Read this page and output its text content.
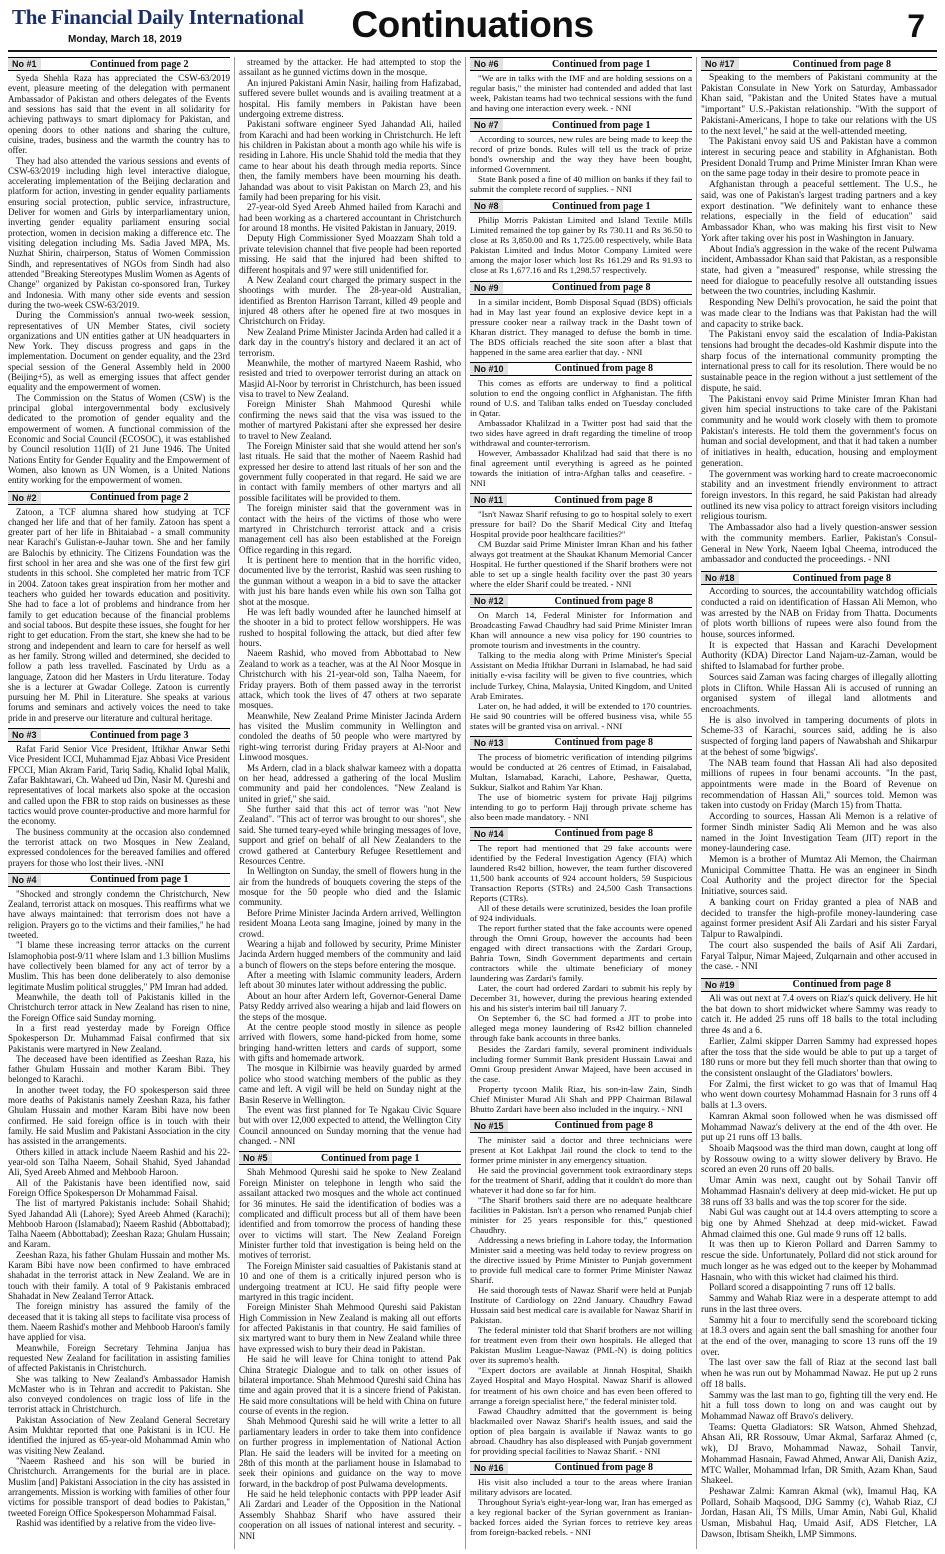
The Financial Daily International
Monday, March 18, 2019	Continuations	7
No #1	Continued from page 2

Syeda Shehla Raza has appreciated the CSW-63/2019 event, pleasure meeting of the delegation with permanent Ambassador of Pakistan and others delegates of the Events and sessions has said that the event in all solidarity for achieving pathways to smart diplomacy for Pakistan, and opening doors to other nations and sharing the culture, cuisine, trades, business and the warmth the country has to offer.

They had also attended the various sessions and events of CSW-63/2019 including high level interactive dialogue, accelerating implementation of the Beijing declaration and platform for action, investing in gender equality parliaments ensuring social protection, public service, infrastructure, Deliver for women and Girls by interparliamentary union, inverting gender equality parliament ensuring social protection, women in decision making a difference etc. The visiting delegation including Ms. Sadia Javed MPA, Ms. Nuzhat Shirin, chairperson, Status of Women Commission Sindh, and representatives of NGOs from Sindh had also attended "Breaking Stereotypes Muslim Women as Agents of Change" organized by Pakistan co-sponsored Iran, Turkey and Indonesia. With many other side events and session during the two-week CSW-63/2019.

During the Commission's annual two-week session, representatives of UN Member States, civil society organizations and UN entities gather at UN headquarters in New York. They discuss progress and gaps in the implementation. Document on gender equality, and the 23rd special session of the General Assembly held in 2000 (Beijing+5), as well as emerging issues that affect gender equality and the empowerment of women.

The Commission on the Status of Women (CSW) is the principal global intergovernmental body exclusively dedicated to the promotion of gender equality and the empowerment of women. A functional commission of the Economic and Social Council (ECOSOC), it was established by Council resolution 11(II) of 21 June 1946. The United Nations Entity for Gender Equality and the Empowerment of Women, also known as UN Women, is a United Nations entity working for the empowerment of women.

No #2	Continued from page 2

Zatoon, a TCF alumna shared how studying at TCF changed her life and that of her family. Zatoon has spent a greater part of her life in Bhitaiabad - a small community near Karachi's Gulistan-e-Jauhar town. She and her family are Balochis by ethnicity. The Citizens Foundation was the first school in her area and she was one of the first few girl students in this school. She completed her matric from TCF in 2004. Zatoon takes great inspiration from her mother and teachers who guided her towards education and positivity. She had to face a lot of problems and hindrance from her family to get education because of the financial problems and social taboos. But despite these issues, she fought for her right to get education. From the start, she knew she had to be strong and independent and learn to care for herself as well as her family. Strong willed and determined, she decided to follow a path less travelled. Fascinated by Urdu as a language, Zatoon did her Masters in Urdu literature. Today she is a lecturer at Gwadar College. Zatoon is currently pursuing her M. Phil in Literature. She speaks at various forums and seminars and actively voices the need to take pride in and preserve our literature and cultural heritage.

No #3	Continued from page 3

Rafat Farid Senior Vice President, Iftikhar Anwar Sethi Vice President ICCI, Muhammad Ejaz Abbasi Vice President FPCCI, Mian Akram Farid, Tariq Sadiq, Khalid Iqbal Malik, Zafar Bakhtawari, Ch. Waheed ud Din, Nasir M. Qureshi and representatives of local markets also spoke at the occasion and called upon the FBR to stop raids on businesses as these tactics would prove counter-productive and more harmful for the economy.

The business community at the occasion also condemned the terrorist attack on two Mosques in New Zealand, expressed condolences for the bereaved families and offered prayers for those who lost their lives. -NNI

No #4	Continued from page 1

"Shocked and strongly condemn the Christchurch, New Zealand, terrorist attack on mosques. This reaffirms what we have always maintained: that terrorism does not have a religion. Prayers go to the victims and their families," he had tweeted.

"I blame these increasing terror attacks on the current Islamophobia post-9/11 where Islam and 1.3 billion Muslims have collectively been blamed for any act of terror by a Muslim. This has been done deliberately to also demonise legitimate Muslim political struggles," PM Imran had added.

Meanwhile, the death toll of Pakistanis killed in the Christchurch terror attack in New Zealand has risen to nine, the Foreign Office said Sunday morning.

In a first read yesterday made by Foreign Office Spokesperson Dr. Muhammad Faisal confirmed that six Pakistanis were martyred in New Zealand.

The deceased have been identified as Zeeshan Raza, his father Ghulam Hussain and mother Karam Bibi. They belonged to Karachi.

In another tweet today, the FO spokesperson said three more deaths of Pakistanis namely Zeeshan Raza, his father Ghulam Hussain and mother Karam Bibi have now been confirmed. He said foreign office is in touch with their family. He said Muslim and Pakistani Association in the city has assisted in the arrangements.

Others killed in attack include Naeem Rashid and his 22-year-old son Talha Naeem, Sohail Shahid, Syed Jahandad Ali, Syed Areeb Ahmed and Mehboob Haroon.

All of the Pakistanis have been identified now, said Foreign Office Spokesperson Dr Mohammad Faisal.

The list of martyred Pakistanis include: Sohail Shahid; Syed Jahandad Ali (Lahore); Syed Areeb Ahmed (Karachi); Mehboob Haroon (Islamabad); Naeem Rashid (Abbottabad); Talha Naeem (Abbottabad); Zeeshan Raza; Ghulam Hussain; and Karam.

Zeeshan Raza, his father Ghulam Hussain and mother Ms. Karam Bibi have now been confirmed to have embraced shahadat in the terrorist attack in New Zealand. We are in touch with their family. A total of 9 Pakistanis embraced Shahadat in New Zealand Terror Attack.

The foreign ministry has assured the family of the deceased that it is taking all steps to facilitate visa process of them. Naeem Rashid's mother and Mehboob Haroon's family have applied for visa.

Meanwhile, Foreign Secretary Tehmina Janjua has requested New Zealand for facilitation in assisting families of affected Pakistanis in Christchurch.

She was talking to New Zealand's Ambassador Hamish McMaster who is in Tehran and accredit to Pakistan. She also conveyed condolences on tragic loss of life in the terrorist attack in Christchurch.

Pakistan Association of New Zealand General Secretary Asim Mukhtar reported that one Pakistani is in ICU. He identified the injured as 65-year-old Mohammad Amin who was visiting New Zealand.

"Naeem Rasheed and his son will be buried in Christchurch. Arrangements for the burial are in place. Muslim [and] Pakistani Association in the city has assisted in arrangements. Mission is working with families of other four victims for possible transport of dead bodies to Pakistan," tweeted Foreign Office Spokesperson Mohammad Faisal.

Rashid was identified by a relative from the video live-

streamed by the attacker. He had attempted to stop the assailant as he gunned victims down in the mosque.

An injured Pakistani Amin Nasir, hailing from Hafizabad, suffered severe bullet wounds and is availing treatment at a hospital. His family members in Pakistan have been undergoing extreme distress.

Pakistani software engineer Syed Jahandad Ali, hailed from Karachi and had been working in Christchurch. He left his children in Pakistan about a month ago while his wife is residing in Lahore. His uncle Shahid told the media that they came to hear about his death through media reports. Since then, the family members have been mourning his death. Jahandad was about to visit Pakistan on March 23, and his family had been preparing for his visit.

27-year-old Syed Areeb Ahmed hailed from Karachi and had been working as a chartered accountant in Christchurch for around 18 months. He visited Pakistan in January, 2019.

Deputy High Commissioner Syed Moazzam Shah told a private television channel that five people had been reported missing. He said that the injured had been shifted to different hospitals and 97 were still unidentified for.

A New Zealand court charged the primary suspect in the shootings with murder. The 28-year-old Australian, identified as Brenton Harrison Tarrant, killed 49 people and injured 48 others after he opened fire at two mosques in Christchurch on Friday.

New Zealand Prime Minister Jacinda Arden had called it a dark day in the country's history and declared it an act of terrorism.

Meanwhile, the mother of martyred Naeem Rashid, who resisted and tried to overpower terrorist during an attack on Masjid Al-Noor by terrorist in Christchurch, has been issued visa to travel to New Zealand.

Foreign Minister Shah Mahmood Qureshi while confirming the news said that the visa was issued to the mother of martyred Pakistani after she expressed her desire to travel to New Zealand.

The Foreign Minister said that she would attend her son's last rituals. He said that the mother of Naeem Rashid had expressed her desire to attend last rituals of her son and the government fully cooperated in that regard. He said we are in contact with family members of other martyrs and all possible facilitates will be provided to them.

The foreign minister said that the government was in contact with the heirs of the victims of those who were martyred in Christchurch terrorist attack and a crisis management cell has also been established at the Foreign Office regarding in this regard.

It is pertinent here to mention that in the horrific video, documented live by the terrorist, Rashid was seen rushing to the gunman without a weapon in a bid to save the attacker with just his bare hands even while his own son Talha got shot at the mosque.

He was left badly wounded after he launched himself at the shooter in a bid to protect fellow worshippers. He was rushed to hospital following the attack, but died after few hours.

Naeem Rashid, who moved from Abbottabad to New Zealand to work as a teacher, was at the Al Noor Mosque in Christchurch with his 21-year-old son, Talha Naeem, for Friday prayers. Both of them passed away in the terrorist attack, which took the lives of 47 others at two separate mosques.

Meanwhile, New Zealand Prime Minister Jacinda Ardern has visited the Muslim community in Wellington and condoled the deaths of 50 people who were martyred by right-wing terrorist during Friday prayers at Al-Noor and Linwood mosques.

Ms Ardern, clad in a black shalwar kameez with a dopatta on her head, addressed a gathering of the local Muslim community and paid her condolences. "New Zealand is united in grief," she said.

She further said that this act of terror was "not New Zealand". "This act of terror was brought to our shores", she said. She turned teary-eyed while bringing messages of love, support and grief on behalf of all New Zealanders to the crowd gathered at Canterbury Refugee Resettlement and Resources Centre.

In Wellington on Sunday, the smell of flowers hung in the air from the hundreds of bouquets covering the steps of the mosque for the 50 people who died and the Islamic community.

Before Prime Minister Jacinda Ardern arrived, Wellington resident Moana Leota sang Imagine, joined by many in the crowd.

Wearing a hijab and followed by security, Prime Minister Jacinda Ardern hugged members of the community and laid a bunch of flowers on the steps before entering the mosque.

After a meeting with Islamic community leaders, Ardern left about 30 minutes later without addressing the public.

About an hour after Ardern left, Governor-General Dame Patsy Reddy arrived also wearing a hijab and laid flowers on the steps of the mosque.

At the centre people stood mostly in silence as people arrived with flowers, some hand-picked from home, some bringing hand-written letters and cards of support, some with gifts and homemade artwork.

The mosque in Kilbirnie was heavily guarded by armed police who stood watching members of the public as they came and left. A vigil will be held on Sunday night at the Basin Reserve in Wellington.

The event was first planned for Te Ngakau Civic Square but with over 12,000 expected to attend, the Wellington City Council announced on Sunday morning that the venue had changed. - NNI

No #5	Continued from page 1

Shah Mehmood Qureshi said he spoke to New Zealand Foreign Minister on telephone in length who said the assailant attacked two mosques and the whole act continued for 36 minutes. He said the identification of bodies was a complicated and difficult process but all of them have been identified and from tomorrow the process of handing these over to victims will start. The New Zealand Foreign Minister further told that investigation is being held on the motives of terrorist.

The Foreign Minister said casualties of Pakistanis stand at 10 and one of them is a critically injured person who is undergoing treatment at ICU. He said fifty people were martyred in this tragic incident.

Foreign Minister Shah Mehmood Qureshi said Pakistan High Commission in New Zealand is making all out efforts for affected Pakistanis in that country. He said families of six martyred want to bury them in New Zealand while three have expressed wish to bury their dead in Pakistan.

He said he will leave for China tonight to attend Pak China Strategic Dialogue and to talk on other issues of bilateral importance. Shah Mehmood Qureshi said China has time and again proved that it is a sincere friend of Pakistan. He said more consultations will be held with China on future course of events in the region.

Shah Mehmood Qureshi said he will write a letter to all parliamentary leaders in order to take them into confidence on further progress in implementation of National Action Plan. He said the leaders will be invited for a meeting on 28th of this month at the parliament house in Islamabad to seek their opinions and guidance on the way to move forward, in the backdrop of post Pulwama developments.

He said he held telephonic contacts with PPP leader Asif Ali Zardari and Leader of the Opposition in the National Assembly Shahbaz Sharif who have assured their cooperation on all issues of national interest and security. - NNI

No #6	Continued from page 1

"We are in talks with the IMF and are holding sessions on a regular basis," the minister had contended and added that last week, Pakistan teams had two technical sessions with the fund and having one interaction every week. - NNI

No #7	Continued from page 1

According to sources, new rules are being made to keep the record of prize bonds. Rules will tell us the track of prize bond's ownership and the way they have been bought, informed Government.

State Bank posed a fine of 40 million on banks if they fail to submit the complete record of supplies. - NNI

No #8	Continued from page 1

Philip Morris Pakistan Limited and Island Textile Mills Limited remained the top gainer by Rs 730.11 and Rs 36.50 to close at Rs 3,850.00 and Rs 1,725.00 respectively, while Bata Pakistan Limited and Indus Motor Company Limited were among the major loser which lost Rs 161.29 and Rs 91.93 to close at Rs 1,677.16 and Rs 1,298.57 respectively.

No #9	Continued from page 8

In a similar incident, Bomb Disposal Squad (BDS) officials had in May last year found an explosive device kept in a pressure cooker near a railway track in the Dasht town of Kharan district. They managed to defuse the bomb in time. The BDS officials reached the site soon after a blast that happened in the same area earlier that day. - NNI

No #10	Continued from page 8

This comes as efforts are underway to find a political solution to end the ongoing conflict in Afghanistan. The fifth round of U.S. and Taliban talks ended on Tuesday concluded in Qatar.

Ambassador Khalilzad in a Twitter post had said that the two sides have agreed in draft regarding the timeline of troop withdrawal and counter-terrorism.

However, Ambassador Khalilzad had said that there is no final agreement until everything is agreed as he pointed towards the initiation of intra-Afghan talks and ceasefire. - NNI

No #11	Continued from page 8

"Isn't Nawaz Sharif refusing to go to hospital solely to exert pressure for bail? Do the Sharif Medical City and Ittefaq Hospital provide poor healthcare facilities?"

CM Buzdar said Prime Minister Imran Khan and his father always got treatment at the Shaukat Khanum Memorial Cancer Hospital. He further questioned if the Sharif brothers were not able to set up a single health facility over the past 30 years where the elder Sharif could be treated. - NNI

No #12	Continued from page 8

On March 14, Federal Minister for Information and Broadcasting Fawad Chaudhry had said Prime Minister Imran Khan will announce a new visa policy for 190 countries to promote tourism and investments in the country.

Talking to the media along with Prime Minister's Special Assistant on Media Iftikhar Durrani in Islamabad, he had said initially e-visa facility will be given to five countries, which include Turkey, China, Malaysia, United Kingdom, and United Arab Emirates.

Later on, he had added, it will be extended to 170 countries. He said 90 countries will be offered business visa, while 55 states will be granted visa on arrival. - NNI

No #13	Continued from page 8

The process of biometric verification of intending pilgrims would be conducted at 26 centres of Etimad, in Faisalabad, Multan, Islamabad, Karachi, Lahore, Peshawar, Quetta, Sukkur, Sialkot and Rahim Yar Khan.

The use of biometric system for private Hajj pilgrims intending to go to perform Hajj through private scheme has also been made mandatory. - NNI

No #14	Continued from page 8

The report had mentioned that 29 fake accounts were identified by the Federal Investigation Agency (FIA) which laundered Rs42 billion, however, the team further discovered 11,500 bank accounts of 924 account holders, 59 Suspicious Transaction Reports (STRs) and 24,500 Cash Transactions Reports (CTRs).

All of these details were scrutinized, besides the loan profile of 924 individuals.

The report further stated that the fake accounts were opened through the Omni Group, however the accounts had been engaged with direct transactions with the Zardari Group, Bahria Town, Sindh Government departments and certain contractors while the ultimate beneficiary of money laundering was Zardari's family.

Later, the court had ordered Zardari to submit his reply by December 31, however, during the previous hearing extended his and his sister's interim bail till January 7.

On September 6, the SC had formed a JIT to probe into alleged mega money laundering of Rs42 billion channeled through fake bank accounts in three banks.

Besides the Zardari family, several prominent individuals including former Summit Bank president Hussain Lawai and Omni Group president Anwar Majeed, have been accused in the case.

Property tycoon Malik Riaz, his son-in-law Zain, Sindh Chief Minister Murad Ali Shah and PPP Chairman Bilawal Bhutto Zardari have been also included in the inquiry. - NNI

No #15	Continued from page 8

The minister said a doctor and three technicians were present at Kot Lakhpat Jail round the clock to tend to the former prime minister in any emergency situation.

He said the provincial government took extraordinary steps for the treatment of Sharif, adding that it couldn't do more than whatever it had done so far for him.

"The Sharif brothers said there are no adequate healthcare facilities in Pakistan. Isn't a person who renamed Punjab chief minister for 25 years responsible for this," questioned Chaudhry.

Addressing a news briefing in Lahore today, the Information Minister said a meeting was held today to review progress on the directive issued by Prime Minister to Punjab government to provide full medical care to former Prime Minister Nawaz Sharif.

He said thorough tests of Nawaz Sharif were held at Punjab Institute of Cardiology on 22nd January. Chaudhry Fawad Hussain said best medical care is available for Nawaz Sharif in Pakistan.

The federal minister told that Sharif brothers are not willing for treatment even from their own hospitals. He alleged that Pakistan Muslim League-Nawaz (PML-N) is doing politics over its supremo's health.

"Expert doctors are available at Jinnah Hospital, Shaikh Zayed Hospital and Mayo Hospital. Nawaz Sharif is allowed for treatment of his own choice and has even been offered to arrange a foreign specialist here," the federal minister told.

Fawad Chaudhry admitted that the government is being blackmailed over Nawaz Sharif's health issues, and said the option of plea bargain is available if Nawaz wants to go abroad. Chaudhry has also displeased with Punjab government for providing special facilities to Nawaz Sharif. - NNI

No #16	Continued from page 8

His visit also included a tour to the areas where Iranian military advisors are located.

Throughout Syria's eight-year-long war, Iran has emerged as a key regional backer of the Syrian government as Iranian-backed forces aided the Syrian forces to retrieve key areas from foreign-backed rebels. - NNI

No #17	Continued from page 8

Speaking to the members of Pakistani community at the Pakistan Consulate in New York on Saturday, Ambassador Khan said, "Pakistan and the United States have a mutual "important" U.S.-Pakistan relationship. "With the support of Pakistani-Americans, I hope to take our relations with the US to the next level," he said at the well-attended meeting.

The Pakistani envoy said US and Pakistan have a common interest in securing peace and stability in Afghanistan. Both President Donald Trump and Prime Minister Imran Khan were on the same page today in their desire to promote peace in

Afghanistan through a peaceful settlement. The U.S., he said, was one of Pakistan's largest trading partners and a key export destination. "We definitely want to enhance these relations, especially in the field of education" said Ambassador Khan, who was making his first visit to New York after taking over his post in Washington in January.

About India's aggression in the wake of the recent Pulwama incident, Ambassador Khan said that Pakistan, as a responsible state, had given a "measured" response, while stressing the need for dialogue to peacefully resolve all outstanding issues between the two countries, including Kashmir.

Responding New Delhi's provocation, he said the point that was made clear to the Indians was that Pakistan had the will and capacity to strike back.

The Pakistani envoy said the escalation of India-Pakistan tensions had brought the decades-old Kashmir dispute into the sharp focus of the international community prompting the international press to call for its resolution. There would be no sustainable peace in the region without a just settlement of the dispute, he said.

The Pakistani envoy said Prime Minister Imran Khan had given him special instructions to take care of the Pakistani community and he would work closely with them to promote Pakistan's interests. He told them the government's focus on human and social development, and that it had taken a number of initiatives in health, education, housing and employment generation.

The government was working hard to create macroeconomic stability and an investment friendly environment to attract foreign investors. In this regard, he said Pakistan had already outlined its new visa policy to attract foreign visitors including religious tourism.

The Ambassador also had a lively question-answer session with the community members. Earlier, Pakistan's Consul-General in New York, Naeem Iqbal Cheema, introduced the ambassador and conducted the proceedings. - NNI

No #18	Continued from page 8

According to sources, the accountability watchdog officials conducted a raid on identification of Hassan Ali Memon, who was arrested by the NAB on Friday from Thatta. Documents of plots worth billions of rupees were also found from the house, sources informed.

It is expected that Hassan and Karachi Development Authority (KDA) Director Land Najam-uz-Zaman, would be shifted to Islamabad for further probe.

Sources said Zaman was facing charges of illegally allotting plots in Clifton. While Hassan Ali is accused of running an organised system of illegal land allotments and encroachments.

He is also involved in tampering documents of plots in Scheme-33 of Karachi, sources said, adding he is also suspected of forging land papers of Nawabshah and Shikarpur at the behest of some 'bigwigs'.

The NAB team found that Hassan Ali had also deposited millions of rupees in four benami accounts. "In the past, appointments were made in the Board of Revenue on recommendation of Hassan Ali," sources told. Memon was taken into custody on Friday (March 15) from Thatta.

According to sources, Hassan Ali Memon is a relative of former Sindh minister Sadiq Ali Memon and he was also named in the Joint Investigation Team (JIT) report in the money-laundering case.

Memon is a brother of Mumtaz Ali Memon, the Chairman Municipal Committee Thatta. He was an engineer in Sindh Coal Authority and the project director for the Special Initiative, sources said.

A banking court on Friday granted a plea of NAB and decided to transfer the high-profile money-laundering case against former president Asif Ali Zardari and his sister Faryal Talpur to Rawalpindi.

The court also suspended the bails of Asif Ali Zardari, Faryal Talpur, Nimar Majeed, Zulqarnain and other accused in the case. - NNI

No #19	Continued from page 8

Ali was out next at 7.4 overs on Riaz's quick delivery. He hit the bat down to short midwicket where Sammy was ready to catch it. He added 25 runs off 18 balls to the total including three 4s and a 6.

Earlier, Zalmi skipper Darren Sammy had expressed hopes after the toss that the side would be able to put up a target of 180 runs or more but they fell much shorter than that owing to the consistent onslaught of the Gladiators' bowlers.

For Zalmi, the first wicket to go was that of Imamul Haq who went down courtesy Mohammad Hasnain for 3 runs off 4 balls at 1.3 overs.

Kamran Akmal soon followed when he was dismissed off Mohammad Nawaz's delivery at the end of the 4th over. He put up 21 runs off 13 balls.

Shoaib Maqsood was the third man down, caught at long off by Rossouw owing to a witty slower delivery by Bravo. He scored an even 20 runs off 20 balls.

Umar Amin was next, caught out by Sohail Tanvir off Mohammad Hasnain's delivery at deep mid-wicket. He put up 38 runs off 33 balls and was the top scorer for the side.

Nabi Gul was caught out at 14.4 overs attempting to score a big one by Ahmed Shehzad at deep mid-wicket. Fawad Ahmad claimed this one. Gul made 9 runs off 12 balls.

It was then up to Kieron Pollard and Darren Sammy to rescue the side. Unfortunately, Pollard did not stick around for much longer as he was edged out to the keeper by Mohammad Hasnain, who with this wicket had claimed his third.

Pollard scored a disappointing 7 runs off 12 balls.

Sammy and Wahab Riaz were in a desperate attempt to add runs in the last three overs.

Sammy hit a four to mercifully send the scoreboard ticking at 18.3 overs and again sent the ball smashing for another four at the end of the over, managing to score 13 runs off the 19 over.

The last over saw the fall of Riaz at the second last ball when he was run out by Mohammad Nawaz. He put up 2 runs off 18 balls.

Sammy was the last man to go, fighting till the very end. He hit a full toss down to long on and was caught out by Mohammad Nawaz off Bravo's delivery.

Teams: Quetta Gladiators: SR Watson, Ahmed Shehzad, Ahsan Ali, RR Rossouw, Umar Akmal, Sarfaraz Ahmed (c, wk), DJ Bravo, Mohammad Nawaz, Sohail Tanvir, Mohammad Hasnain, Fawad Ahmed, Anwar Ali, Danish Aziz, MTC Waller, Mohammad Irfan, DR Smith, Azam Khan, Saud Shakeel.

Peshawar Zalmi: Kamran Akmal (wk), Imamul Haq, KA Pollard, Sohaib Maqsood, DJG Sammy (c), Wahab Riaz, CJ Jordan, Hasan Ali, TS Mills, Umar Amin, Nabi Gul, Khalid Usman, Misbahul Haq, Umaid Asif, ADS Fletcher, LA Dawson, Ibtisam Sheikh, LMP Simmons.
